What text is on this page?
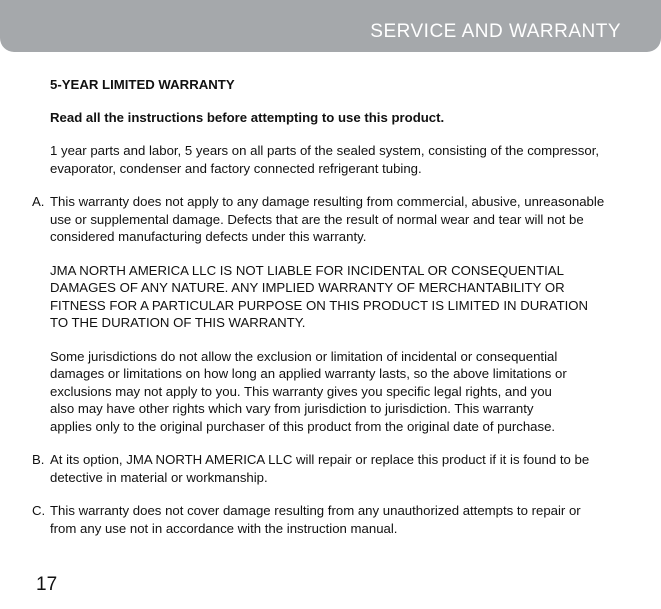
SERVICE AND WARRANTY

5-YEAR LIMITED WARRANTY

Read all the instructions before attempting to use this product.

1 year parts and labor, 5 years on all parts of the sealed system, consisting of the compressor,
evaporator, condenser and factory connected refrigerant tubing.
A. This warranty does not apply to any damage resulting from commercial, abusive, unreasonable
use or supplemental damage. Defects that are the result of normal wear and tear will not be
considered manufacturing defects under this warranty.
JMA NORTH AMERICA LLC IS NOT LIABLE FOR INCIDENTAL OR CONSEQUENTIAL
DAMAGES OF ANY NATURE. ANY IMPLIED WARRANTY OF MERCHANTABILITY OR
FITNESS FOR A PARTICULAR PURPOSE ON THIS PRODUCT IS LIMITED IN DURATION
TO THE DURATION OF THIS WARRANTY.
Some jurisdictions do not allow the exclusion or limitation of incidental or consequential
damages or limitations on how long an applied warranty lasts, so the above limitations or
exclusions may not apply to you. This warranty gives you specific legal rights, and you
also may have other rights which vary from jurisdiction to jurisdiction. This warranty
applies only to the original purchaser of this product from the original date of purchase.
B. At its option, JMA NORTH AMERICA LLC will repair or replace this product if it is found to be
detective in material or workmanship.
C. This warranty does not cover damage resulting from any unauthorized attempts to repair or
from any use not in accordance with the instruction manual.
17
